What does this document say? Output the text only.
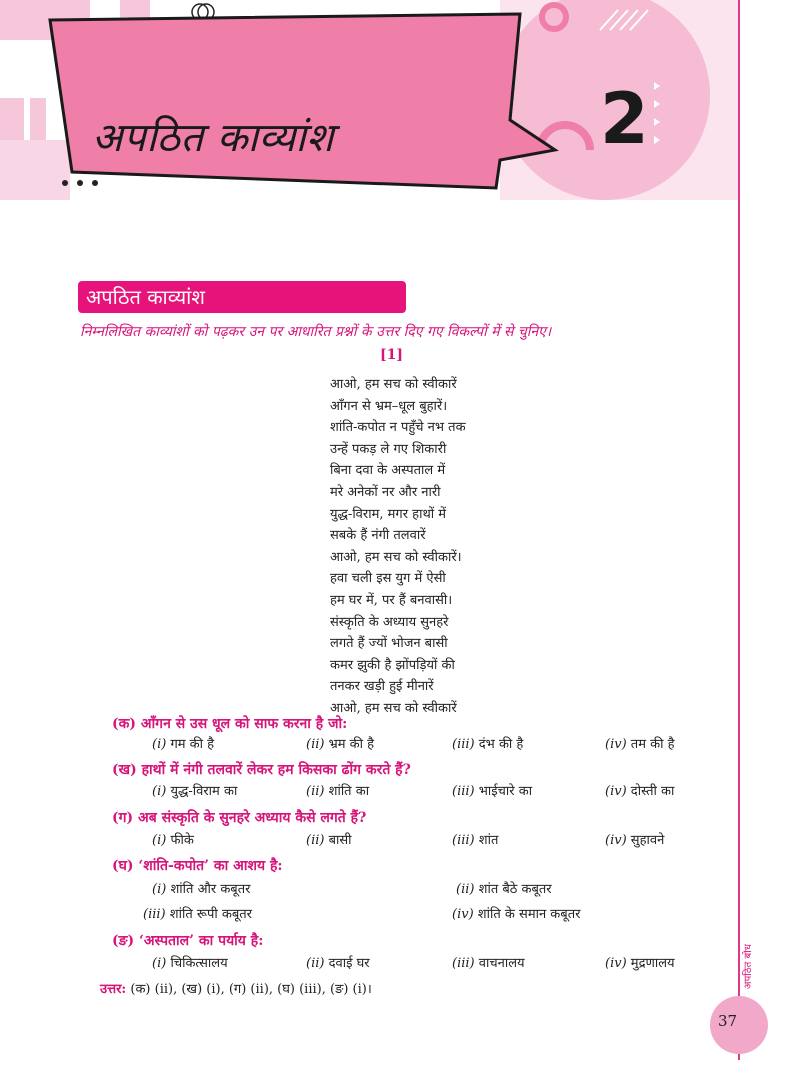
अपठित काव्यांश	2
अपठित काव्यांश
निम्नलिखित काव्यांशों को पढ़कर उन पर आधारित प्रश्नों के उत्तर दिए गए विकल्पों में से चुनिए।
[1]
आओ, हम सच को स्वीकारें
आँगन से भ्रम–धूल बुहारें।
शांति-कपोत न पहुँचे नभ तक
उन्हें पकड़ ले गए शिकारी
बिना दवा के अस्पताल में
मरे अनेकों नर और नारी
युद्ध-विराम, मगर हाथों में
सबके हैं नंगी तलवारें
आओ, हम सच को स्वीकारें।
हवा चली इस युग में ऐसी
हम घर में, पर हैं बनवासी।
संस्कृति के अध्याय सुनहरे
लगते हैं ज्यों भोजन बासी
कमर झुकी है झोंपड़ियों की
तनकर खड़ी हुई मीनारें
आओ, हम सच को स्वीकारें
(क) आँगन से उस धूल को साफ करना है जो:
(i) गम की है	(ii) भ्रम की है	(iii) दंभ की है	(iv) तम की है
(ख) हाथों में नंगी तलवारें लेकर हम किसका ढोंग करते हैं?
(i) युद्ध-विराम का	(ii) शांति का	(iii) भाईचारे का	(iv) दोस्ती का
(ग) अब संस्कृति के सुनहरे अध्याय कैसे लगते हैं?
(i) फीके	(ii) बासी	(iii) शांत	(iv) सुहावने
(घ) ‘शांति-कपोत’ का आशय है:
(i) शांति और कबूतर	(ii) शांत बैठे कबूतर
(iii) शांति रूपी कबूतर	(iv) शांति के समान कबूतर
(ङ) ‘अस्पताल’ का पर्याय है:
(i) चिकित्सालय	(ii) दवाई घर	(iii) वाचनालय	(iv) मुद्रणालय
उत्तर: (क) (ii), (ख) (i), (ग) (ii), (घ) (iii), (ङ) (i)।
अपठित बोध
37
